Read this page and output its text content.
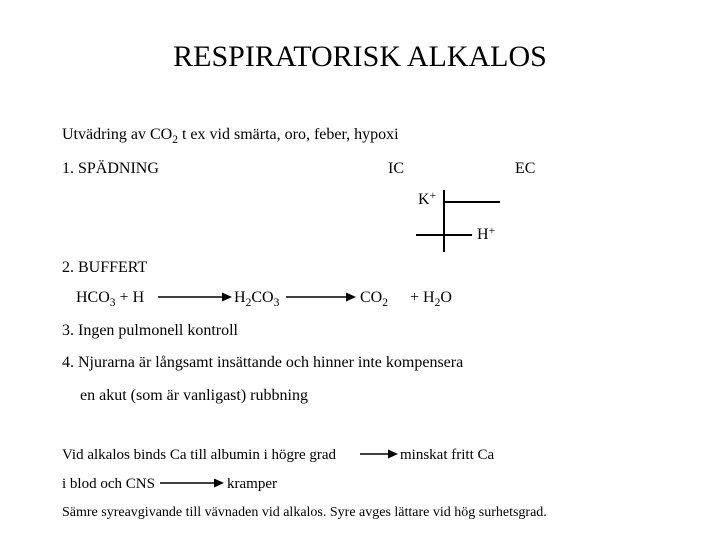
RESPIRATORISK ALKALOS
Utvädring av $CO_2$ t ex vid smärta, oro, feber, hypoxi
1. SPÄDNING	IC	EC
K+
H+
2. BUFFERT
$HCO_3 + H$	$H_2CO_3$	$CO_2 + H_2O$
3. Ingen pulmonell kontroll
4. Njurarna är långsamt insättande och hinner inte kompensera
en akut (som är vanligast) rubbning
Vid alkalos binds Ca till albumin i högre grad	minskat fritt Ca
i blod och CNS	kramper
Sämre syreavgivande till vävnaden vid alkalos. Syre avges lättare vid hög surhetsgrad.
